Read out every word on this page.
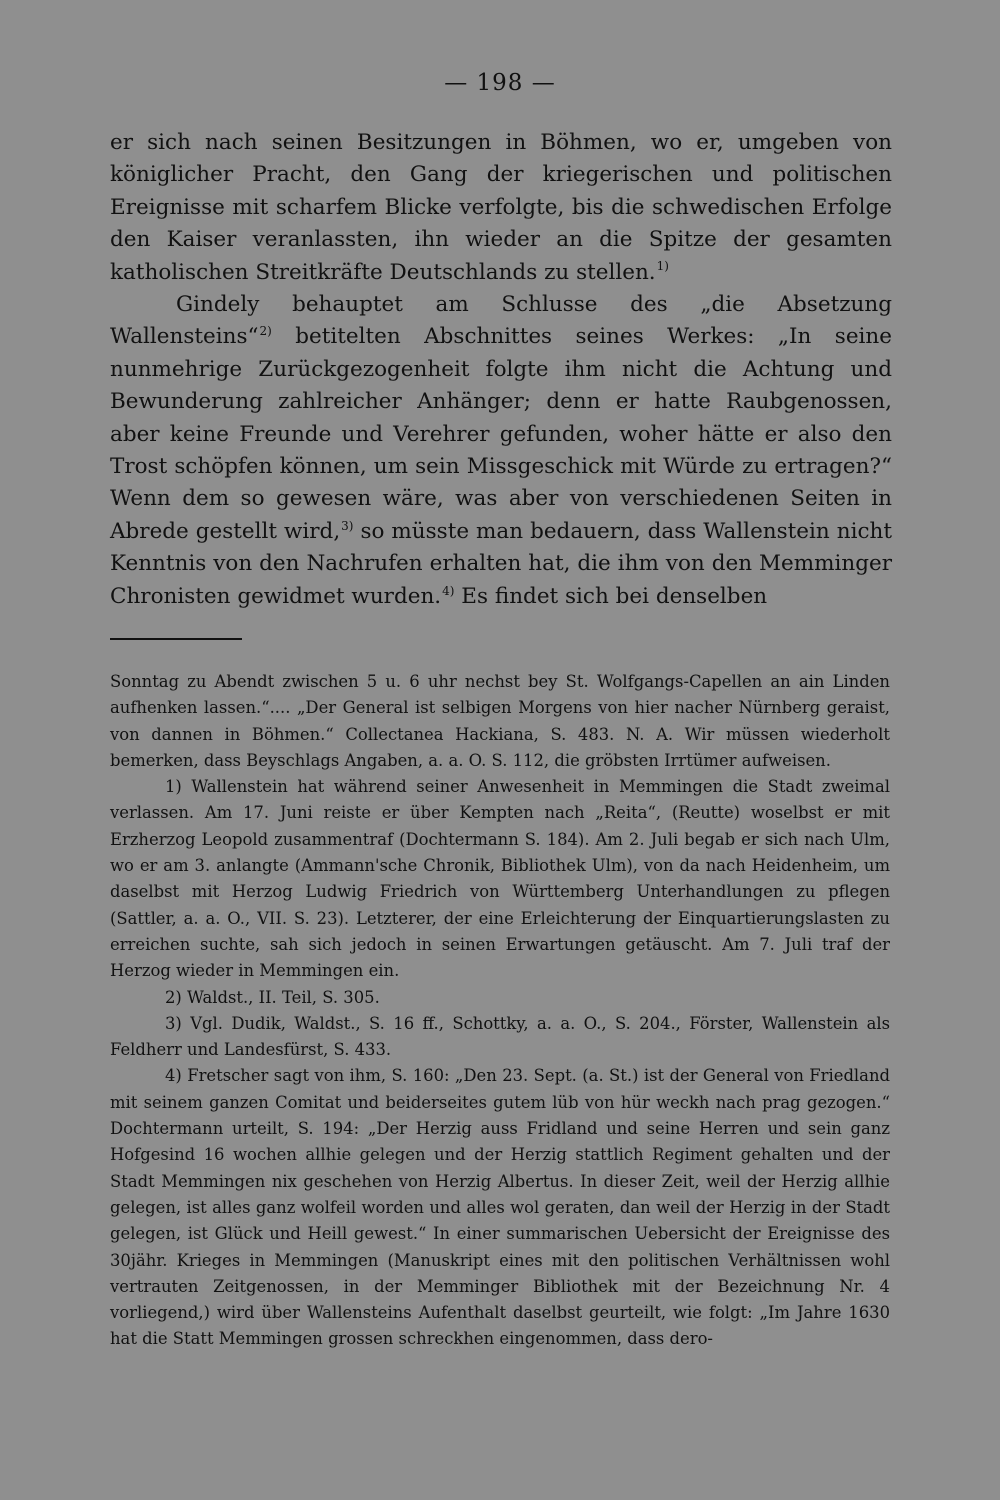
— 198 —

er sich nach seinen Besitzungen in Böhmen, wo er, umgeben von königlicher Pracht, den Gang der kriegerischen und politischen Ereignisse mit scharfem Blicke verfolgte, bis die schwedischen Erfolge den Kaiser veranlassten, ihn wieder an die Spitze der gesamten katholischen Streitkräfte Deutschlands zu stellen.$^{1)}$

Gindely behauptet am Schlusse des „die Absetzung Wallensteins“$^{2)}$ betitelten Abschnittes seines Werkes: „In seine nunmehrige Zurückgezogenheit folgte ihm nicht die Achtung und Bewunderung zahlreicher Anhänger; denn er hatte Raubgenossen, aber keine Freunde und Verehrer gefunden, woher hätte er also den Trost schöpfen können, um sein Missgeschick mit Würde zu ertragen?“ Wenn dem so gewesen wäre, was aber von verschiedenen Seiten in Abrede gestellt wird,$^{3)}$ so müsste man bedauern, dass Wallenstein nicht Kenntnis von den Nachrufen erhalten hat, die ihm von den Memminger Chronisten gewidmet wurden.$^{4)}$ Es findet sich bei denselben

Sonntag zu Abendt zwischen 5 u. 6 uhr nechst bey St. Wolfgangs-Capellen an ain Linden aufhenken lassen.“.... „Der General ist selbigen Morgens von hier nacher Nürnberg geraist, von dannen in Böhmen.“ Collectanea Hackiana, S. 483. N. A. Wir müssen wiederholt bemerken, dass Beyschlags Angaben, a. a. O. S. 112, die gröbsten Irrtümer aufweisen.

1) Wallenstein hat während seiner Anwesenheit in Memmingen die Stadt zweimal verlassen. Am 17. Juni reiste er über Kempten nach „Reita“, (Reutte) woselbst er mit Erzherzog Leopold zusammentraf (Dochtermann S. 184). Am 2. Juli begab er sich nach Ulm, wo er am 3. anlangte (Ammann'sche Chronik, Bibliothek Ulm), von da nach Heidenheim, um daselbst mit Herzog Ludwig Friedrich von Württemberg Unterhandlungen zu pflegen (Sattler, a. a. O., VII. S. 23). Letzterer, der eine Erleichterung der Einquartierungslasten zu erreichen suchte, sah sich jedoch in seinen Erwartungen getäuscht. Am 7. Juli traf der Herzog wieder in Memmingen ein.

2) Waldst., II. Teil, S. 305.

3) Vgl. Dudik, Waldst., S. 16 ff., Schottky, a. a. O., S. 204., Förster, Wallenstein als Feldherr und Landesfürst, S. 433.

4) Fretscher sagt von ihm, S. 160: „Den 23. Sept. (a. St.) ist der General von Friedland mit seinem ganzen Comitat und beiderseites gutem lüb von hür weckh nach prag gezogen.“ Dochtermann urteilt, S. 194: „Der Herzig auss Fridland und seine Herren und sein ganz Hofgesind 16 wochen allhie gelegen und der Herzig stattlich Regiment gehalten und der Stadt Memmingen nix geschehen von Herzig Albertus. In dieser Zeit, weil der Herzig allhie gelegen, ist alles ganz wolfeil worden und alles wol geraten, dan weil der Herzig in der Stadt gelegen, ist Glück und Heill gewest.“ In einer summarischen Uebersicht der Ereignisse des 30jähr. Krieges in Memmingen (Manuskript eines mit den politischen Verhältnissen wohl vertrauten Zeitgenossen, in der Memminger Bibliothek mit der Bezeichnung Nr. 4 vorliegend,) wird über Wallensteins Aufenthalt daselbst geurteilt, wie folgt: „Im Jahre 1630 hat die Statt Memmingen grossen schreckhen eingenommen, dass dero-
